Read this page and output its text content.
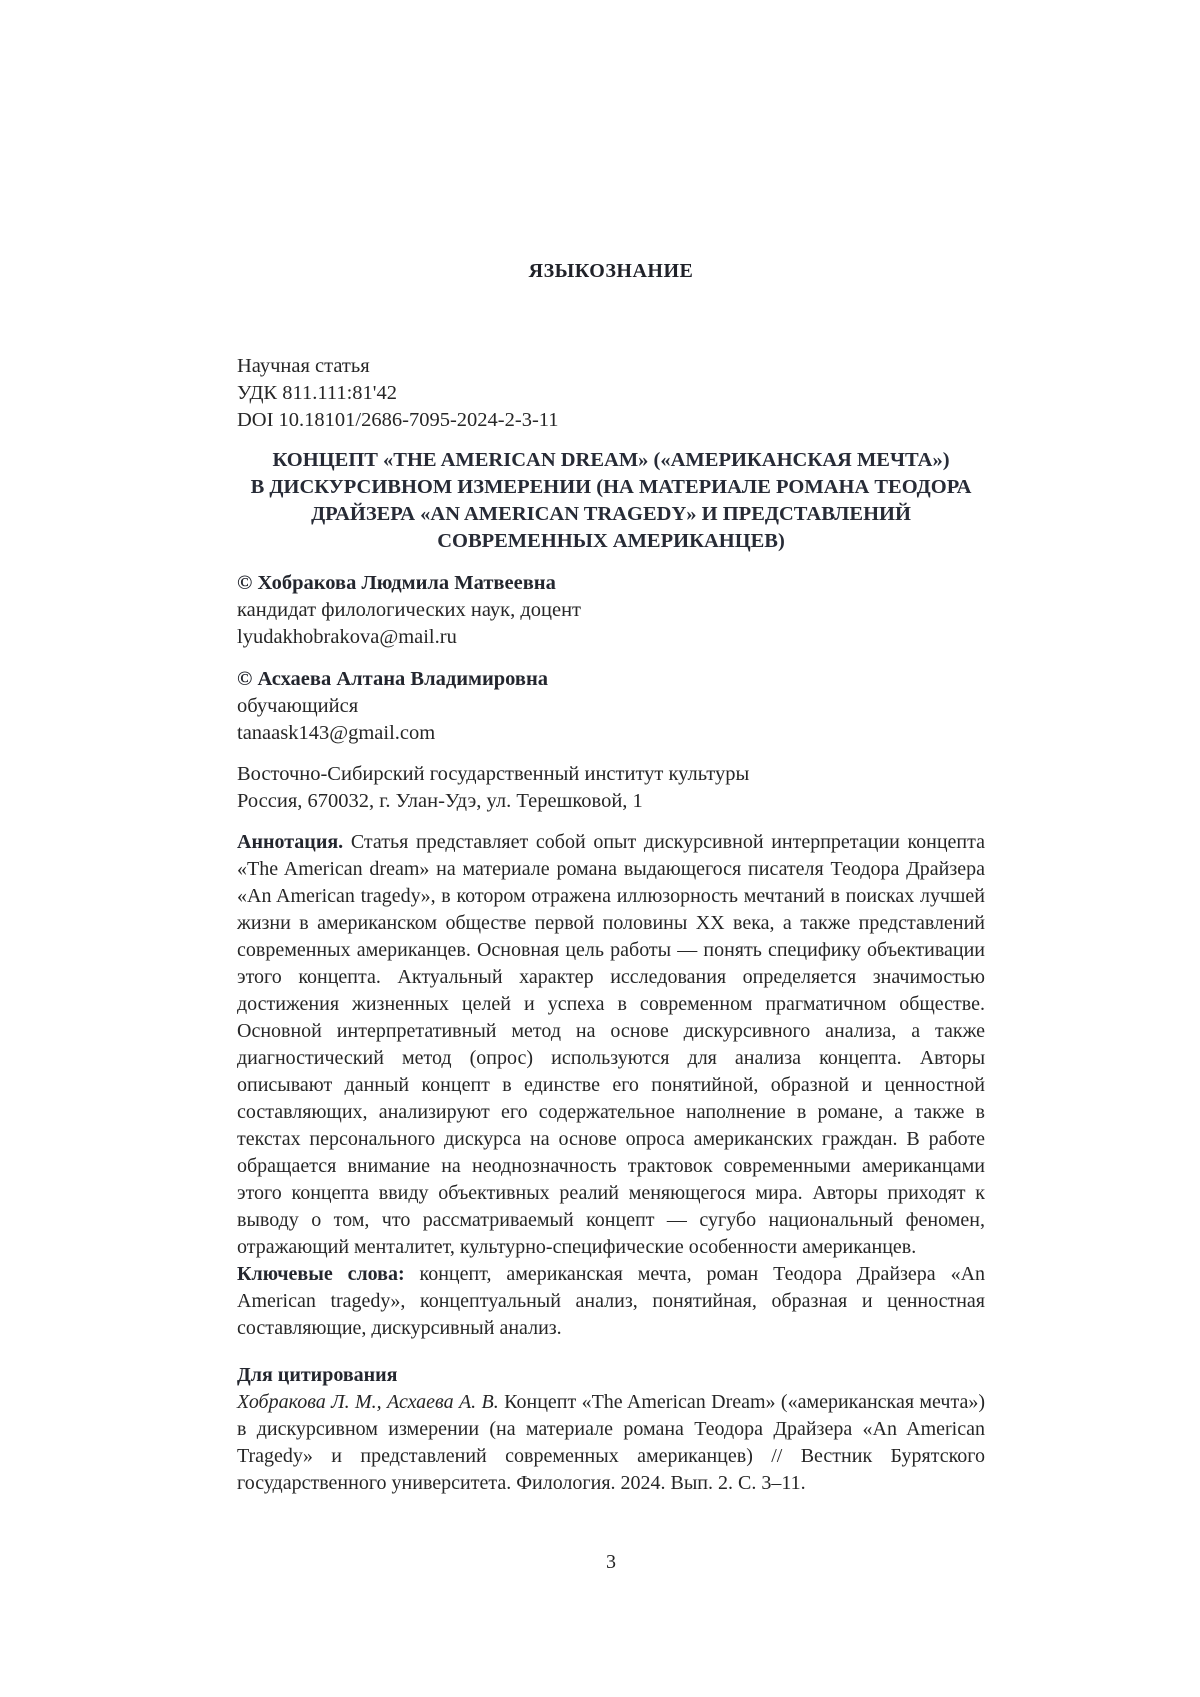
ЯЗЫКОЗНАНИЕ
Научная статья
УДК 811.111:81'42
DOI 10.18101/2686-7095-2024-2-3-11
КОНЦЕПТ «THE AMERICAN DREAM» («АМЕРИКАНСКАЯ МЕЧТА»)
В ДИСКУРСИВНОМ ИЗМЕРЕНИИ (НА МАТЕРИАЛЕ РОМАНА ТЕОДОРА
ДРАЙЗЕРА «AN AMERICAN TRAGEDY» И ПРЕДСТАВЛЕНИЙ
СОВРЕМЕННЫХ АМЕРИКАНЦЕВ)
© Хобракова Людмила Матвеевна
кандидат филологических наук, доцент
lyudakhobrakova@mail.ru
© Асхаева Алтана Владимировна
обучающийся
tanaask143@gmail.com
Восточно-Сибирский государственный институт культуры
Россия, 670032, г. Улан-Удэ, ул. Терешковой, 1

Аннотация. Статья представляет собой опыт дискурсивной интерпретации концепта «The American dream» на материале романа выдающегося писателя Теодора Драйзера «An American tragedy», в котором отражена иллюзорность мечтаний в поисках лучшей жизни в американском обществе первой половины XX века, а также представлений современных американцев. Основная цель работы — понять специфику объективации этого концепта. Актуальный характер исследования определяется значимостью достижения жизненных целей и успеха в современном прагматичном обществе. Основной интерпретативный метод на основе дискурсивного анализа, а также диагностический метод (опрос) используются для анализа концепта. Авторы описывают данный концепт в единстве его понятийной, образной и ценностной составляющих, анализируют его содержательное наполнение в романе, а также в текстах персонального дискурса на основе опроса американских граждан. В работе обращается внимание на неоднозначность трактовок современными американцами этого концепта ввиду объективных реалий меняющегося мира. Авторы приходят к выводу о том, что рассматриваемый концепт — сугубо национальный феномен, отражающий менталитет, культурно-специфические особенности американцев.

Ключевые слова: концепт, американская мечта, роман Теодора Драйзера «An American tragedy», концептуальный анализ, понятийная, образная и ценностная составляющие, дискурсивный анализ.

Для цитирования

Хобракова Л. М., Асхаева А. В. Концепт «The American Dream» («американская мечта») в дискурсивном измерении (на материале романа Теодора Драйзера «An American Tragedy» и представлений современных американцев) // Вестник Бурятского государственного университета. Филология. 2024. Вып. 2. С. 3–11.

3
